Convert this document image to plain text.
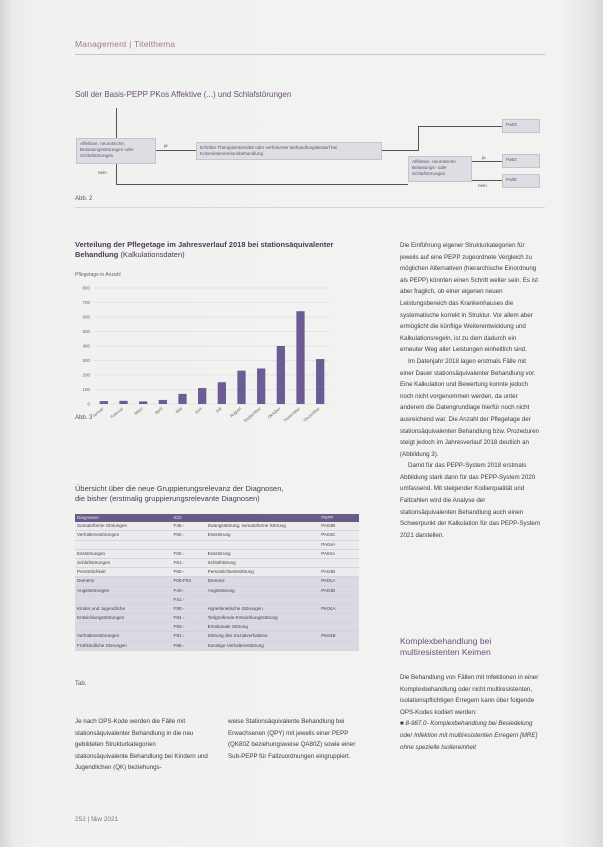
Management | Titelthema
Soll der Basis-PEPP PKos Affektive (...) und Schlafstörungen
Affektive, neurotische, Belastungsstörungen oder Schlafstörungen
ja	Erhöhte Therapieintensität oder verfeinerter Behandlungsbedarf bei Kriseninterventionsbehandlung
Pa03
nein
Affektive, neurotische Belastungs- oder Schlafstörungen
ja	Pa04
nein
Pa05
Abb. 2
Verteilung der Pflegetage im Jahresverlauf 2018 bei stationsäquivalenter Behandlung (Kalkulationsdaten)
Pflegetage in Anzahl
800
700
600
500
400
300
200
100
0
Januar Februar März April	Mai Juni	Juli August September Oktober November Dezember
Abb. 3
Übersicht über die neue Gruppierungsrelevanz der Diagnosen,
die bisher (erstmalig gruppierungsrelevante Diagnosen)
Diagnosen	ICD		PEPP
Somatoforme Störungen	F45.-	Zwangsstörung, somatoforme Störung	PA04B
Verhaltensstörungen	F50.-	Essstörung	PA04C
			PA04A
Essstörungen	F50.-	Essstörung	PA04A
Schlafstörungen	F51.-	Schlafstörung	
Persönlichkeit	F60.-	Persönlichkeitsstörung	PA04B
Demenz	F00-F03	Demenz	PA01A
Angststörungen	F40.-	Angststörung	PA04B
	F41.-		
Kinder und Jugendliche	F90.-	Hyperkinetische Störungen	PK04A
Entwicklungsstörungen	F84.-	Tiefgreifende Entwicklungsstörung	
	F93.-	Emotionale Störung	
Verhaltensstörungen	F91.-	Störung des Sozialverhaltens	PK04B
Frühkindliche Störungen	F98.-	Sonstige Verhaltensstörung	
Tab.
Je nach OPS-Kode werden die Fälle mit stationsäquivalenter Behandlung in die neu gebildeten Strukturkategorien stationsäquivalente Behandlung bei Kindern und Jugendlichen (QK) beziehungs-
weise Stationsäquivalente Behandlung bei Erwachsenen (QPY) mit jeweils einer PEPP (QK80Z beziehungsweise QA80Z) sowie einer Sub-PEPP für Fallzuordnungen eingruppiert.

Die Einführung eigener Strukturkategorien für jeweils auf eine PEPP zugeordnete Vergleich zu möglichen Alternativen (hierarchische Einordnung als PEPP) könnten einen Schritt weiter sein. Es ist aber fraglich, ob einer eigenen neuen Leistungsbereich das Krankenhauses die systematische korrekt in Struktur. Vor allem aber ermöglicht die künftige Weiterentwicklung und Kalkulationsregeln, ist zu dem dadurch ein erneuter Weg aller Leistungen einheitlich sind.

Im Datenjahr 2018 lagen erstmals Fälle mit einer Dauer stationsäquivalenter Behandlung vor. Eine Kalkulation und Bewertung konnte jedoch noch nicht vorgenommen werden, da unter anderem die Datengrundlage hierfür noch nicht ausreichend war. Die Anzahl der Pflegetage der stationsäquivalenten Behandlung bzw. Prozeduren steigt jedoch im Jahresverlauf 2018 deutlich an (Abbildung 3).

Damit für das PEPP-System 2018 erstmals Abbildung stark dann für das PEPP-System 2020 umfassend. Mit steigender Kodierqualität und Fallzahlen wird die Analyse der stationsäquivalenten Behandlung auch einen Schwerpunkt der Kalkulation für das PEPP-System 2021 darstellen.

Komplexbehandlung bei multiresistenten Keimen

Die Behandlung von Fällen mit Infektionen in einer Komplexbehandlung oder nicht multiresistenten, isolationspflichtigen Erregern kann über folgende OPS-Kodes kodiert werden:

■ 8-987.0- Komplexbehandlung bei Besiedelung oder Infektion mit multiresistenten Erregern [MRE] ohne spezielle Isoliereinheit

252 | f&w 2021
